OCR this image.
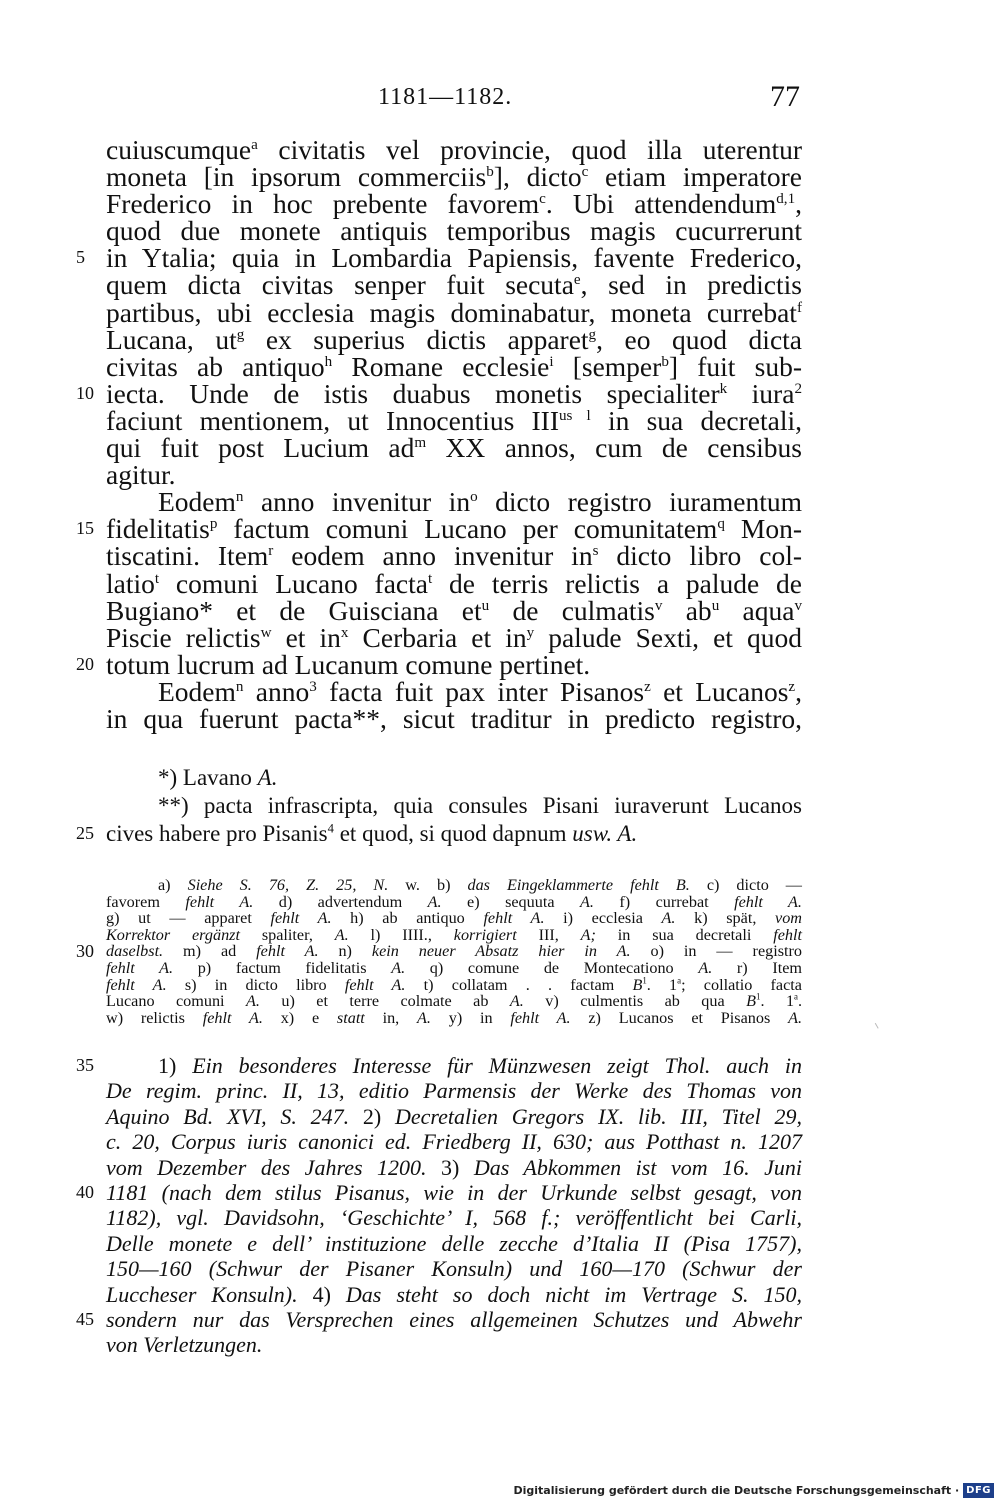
1181—1182.	77
cuiuscumque$^a$ civitatis vel provincie, quod illa uterentur
moneta [in ipsorum commerciis$^b$], dicto$^c$ etiam imperatore
Frederico in hoc prebente favorem$^c$. Ubi attendendum$^{d,1}$,
quod due monete antiquis temporibus magis cucurrerunt
5 in Ytalia; quia in Lombardia Papiensis, favente Frederico,
quem dicta civitas senper fuit secuta$^e$, sed in predictis
partibus, ubi ecclesia magis dominabatur, moneta currebat$^f$
Lucana, $ut^g$ ex superius dictis apparet$^g$, eo quod dicta
civitas ab antiquo$^h$ Romane ecclesie$^i$ [semper$^b$] fuit sub-
10 iecta. Unde de istis duabus monetis specialiter$^k$ iura$^2$
faciunt mentionem, ut Innocentius $III^{us l}$ in sua decretali,
qui fuit post Lucium $ad^m$ XX annos, cum de censibus
agitur.
Eodem$^n$ anno invenitur $in^o$ dicto registro iuramentum
15 fidelitatis$^p$ factum comuni Lucano per comunitatem$^q$ Mon-
tiscatini. Item$^r$ eodem anno invenitur $in^s$ dicto libro col-
latio$^t$ comuni Lucano facta$^t$ de terris relictis a palude de
Bugiano* et de Guisciana $et^u$ de culmatis$^v$ $ab^u$ aqua$^v$
Piscie relictis$^w$ et $in^x$ Cerbaria et $in^y$ palude Sexti, et quod
20 totum lucrum ad Lucanum comune pertinet.
Eodem$^n$ anno$^3$ facta fuit pax inter Pisanos$^z$ et Lucanos$^z$,
in qua fuerunt pacta**, sicut traditur in predicto registro,
*) Lavano A.
**) pacta infrascripta, quia consules Pisani iuraverunt Lucanos
25 cives habere pro Pisanis$^4$ et quod, si quod dapnum usw. A.
a) Siehe S. 76, Z. 25, N. w. b) das Eingeklammerte fehlt B. c) dicto —
favorem fehlt A. d) advertendum A. e) sequuta A. f) currebat fehlt A.
g) ut — apparet fehlt A. h) ab antiquo fehlt A. i) ecclesia A. k) spät, vom
Korrektor ergänzt spaliter, A. l) IIII., korrigiert III, A; in sua decretali fehlt
30 daselbst. m) ad fehlt A. n) kein neuer Absatz hier in A. o) in — registro
fehlt A. p) factum fidelitatis A. q) comune de Montecationo A. r) Item
fehlt A. s) in dicto libro fehlt A. t) collatam . . factam $B^1$. 1$^a$; collatio facta
Lucano comuni A. u) et terre colmate ab A. v) culmentis ab qua $B^1$. 1$^a$.
w) relictis fehlt A. x) e statt in, A. y) in fehlt A. z) Lucanos et Pisanos A.
35	1) Ein besonderes Interesse für Münzwesen zeigt Thol. auch in
De regim. princ. II, 13, editio Parmensis der Werke des Thomas von
Aquino Bd. XVI, S. 247. 2) Decretalien Gregors IX. lib. III, Titel 29,
c. 20, Corpus iuris canonici ed. Friedberg II, 630; aus Potthast n. 1207
vom Dezember des Jahres 1200. 3) Das Abkommen ist vom 16. Juni
40 1181 (nach dem stilus Pisanus, wie in der Urkunde selbst gesagt, von
1182), vgl. Davidsohn, ‘Geschichte’ I, 568 f.; veröffentlicht bei Carli,
Delle monete e dell’ instituzione delle zecche d’Italia II (Pisa 1757),
150—160 (Schwur der Pisaner Konsuln) und 160—170 (Schwur der
Luccheser Konsuln). 4) Das steht so doch nicht im Vertrage S. 150,
45 sondern nur das Versprechen eines allgemeinen Schutzes und Abwehr
von Verletzungen.
Digitalisierung gefördert durch die Deutsche Forschungsgemeinschaft · DFG
